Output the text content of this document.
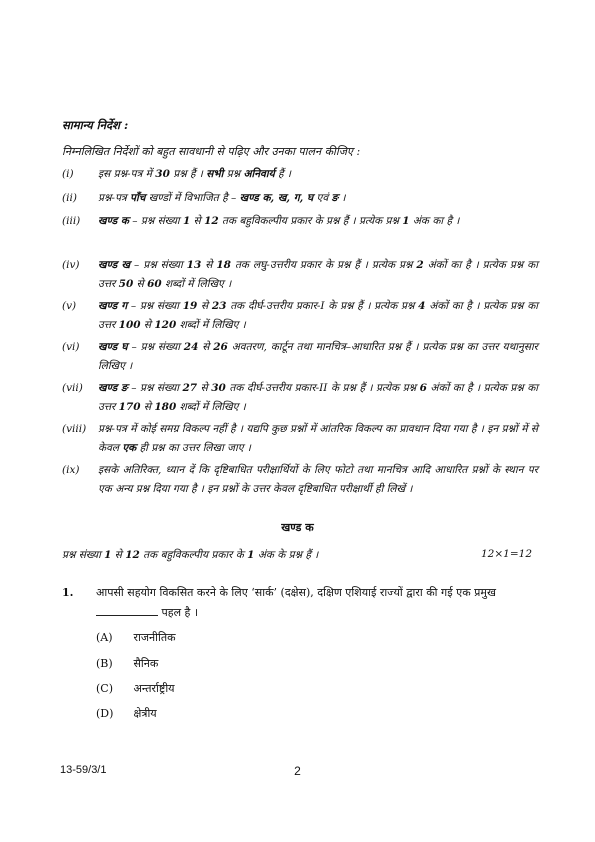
सामान्य निर्देश :
निम्नलिखित निर्देशों को बहुत सावधानी से पढ़िए और उनका पालन कीजिए :
(i)	इस प्रश्न-पत्र में 30 प्रश्न हैं । सभी प्रश्न अनिवार्य हैं ।
(ii)	प्रश्न-पत्र पाँच खण्डों में विभाजित है – खण्ड क, ख, ग, घ एवं ङ ।
(iii)	खण्ड क – प्रश्न संख्या 1 से 12 तक बहुविकल्पीय प्रकार के प्रश्न हैं । प्रत्येक प्रश्न 1 अंक का है ।
(iv)	खण्ड ख – प्रश्न संख्या 13 से 18 तक लघु-उत्तरीय प्रकार के प्रश्न हैं । प्रत्येक प्रश्न 2 अंकों का है । प्रत्येक प्रश्न का उत्तर 50 से 60 शब्दों में लिखिए ।
(v)	खण्ड ग – प्रश्न संख्या 19 से 23 तक दीर्घ-उत्तरीय प्रकार-I के प्रश्न हैं । प्रत्येक प्रश्न 4 अंकों का है । प्रत्येक प्रश्न का उत्तर 100 से 120 शब्दों में लिखिए ।
(vi)	खण्ड घ – प्रश्न संख्या 24 से 26 अवतरण, कार्टून तथा मानचित्र–आधारित प्रश्न हैं । प्रत्येक प्रश्न का उत्तर यथानुसार लिखिए ।
(vii)	खण्ड ङ – प्रश्न संख्या 27 से 30 तक दीर्घ-उत्तरीय प्रकार-II के प्रश्न हैं । प्रत्येक प्रश्न 6 अंकों का है । प्रत्येक प्रश्न का उत्तर 170 से 180 शब्दों में लिखिए ।
(viii)	प्रश्न-पत्र में कोई समग्र विकल्प नहीं है । यद्यपि कुछ प्रश्नों में आंतरिक विकल्प का प्रावधान दिया गया है । इन प्रश्नों में से केवल एक ही प्रश्न का उत्तर लिखा जाए ।
(ix)	इसके अतिरिक्त, ध्यान दें कि दृष्टिबाधित परीक्षार्थियों के लिए फोटो तथा मानचित्र आदि आधारित प्रश्नों के स्थान पर एक अन्य प्रश्न दिया गया है । इन प्रश्नों के उत्तर केवल दृष्टिबाधित परीक्षार्थी ही लिखें ।
खण्ड क
प्रश्न संख्या 1 से 12 तक बहुविकल्पीय प्रकार के 1 अंक के प्रश्न हैं ।	12×1=12
1. आपसी सहयोग विकसित करने के लिए ‘सार्क’ (दक्षेस), दक्षिण एशियाई राज्यों द्वारा की गई एक प्रमुख  पहल है ।
(A) राजनीतिक
(B) सैनिक
(C) अन्तर्राष्ट्रीय
(D) क्षेत्रीय
13-59/3/1	2
